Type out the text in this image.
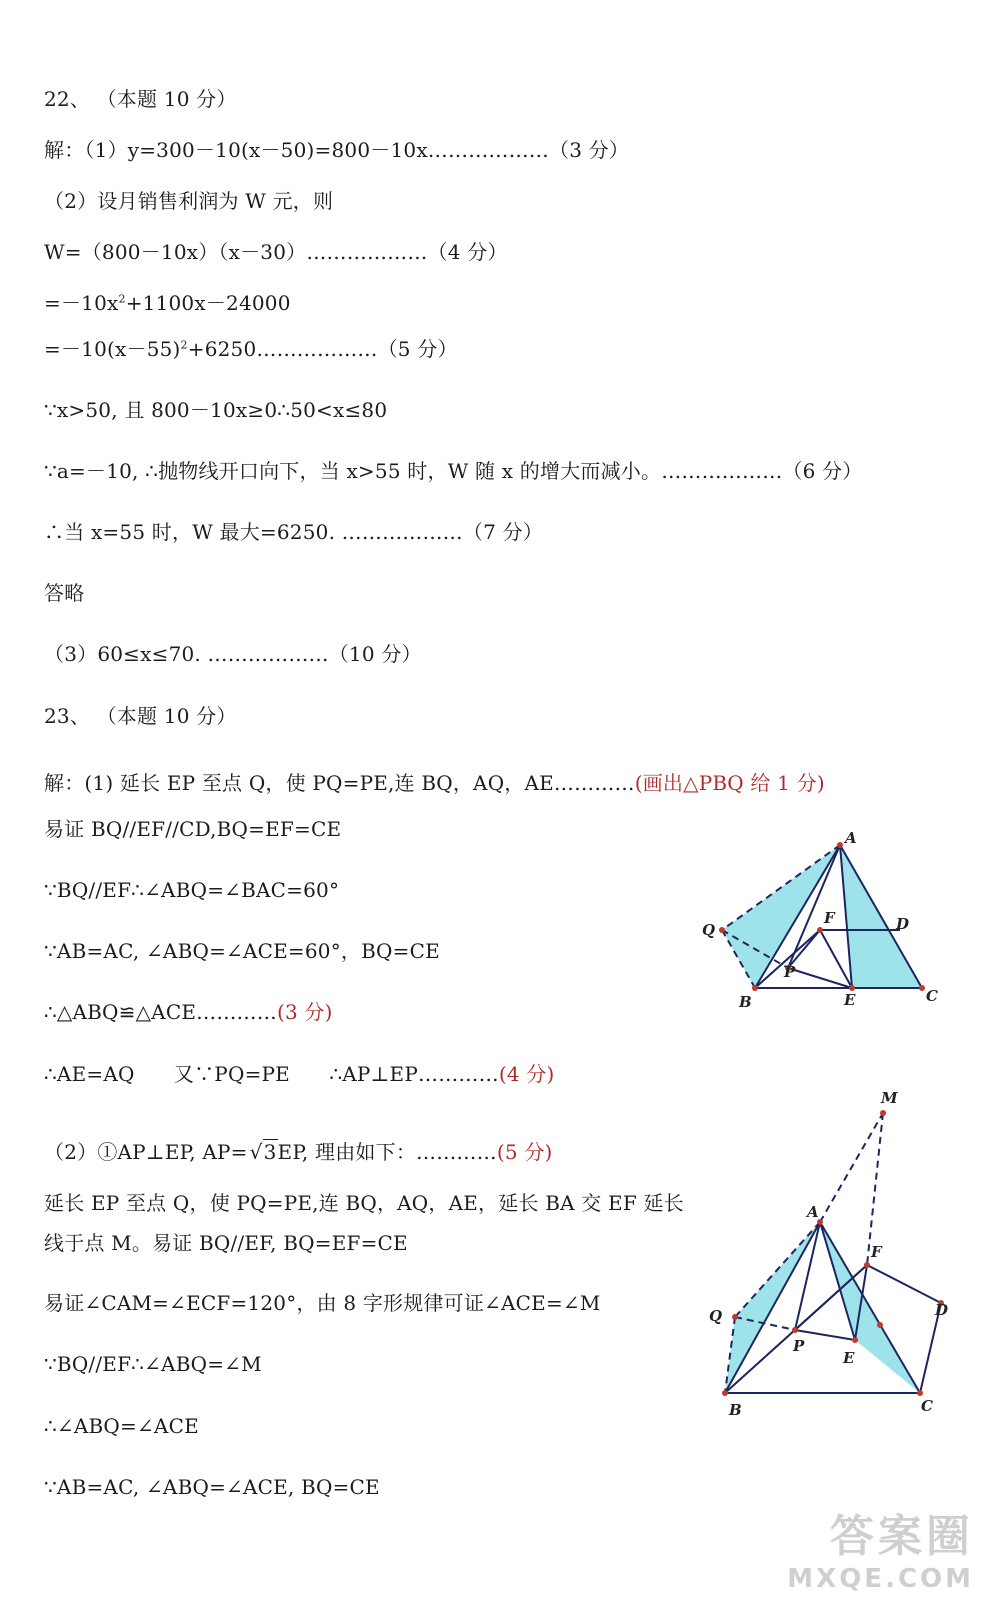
22、 （本题 10 分）
解：（1）y=300－10(x－50)=800－10x………………（3 分）
（2）设月销售利润为 W 元，则
W=（800－10x）（x－30）………………（4 分）
$=-10x^2+1100x-24000$
$=-10(x-55)^2+6250\dots\dots\dots\dots\dots\dots(5$ 分）
∵x>50, 且 800－10x≥0∴50<x≤80
∵a=－10, ∴抛物线开口向下，当 x>55 时，W 随 x 的增大而减小。………………（6 分）
∴当 x=55 时，W 最大=6250. ………………（7 分）
答略
（3）60≤x≤70. ………………（10 分）
23、 （本题 10 分）
解：(1) 延长 EP 至点 Q，使 PQ=PE,连 BQ，AQ，AE…………(画出△PBQ 给 1 分)
易证 BQ//EF//CD,BQ=EF=CE
∵BQ//EF∴∠ABQ=∠BAC=60°
∵AB=AC, ∠ABQ=∠ACE=60°，BQ=CE
∴△ABQ≌△ACE…………(3 分)
∴AE=AQ      又∵PQ=PE      ∴AP⊥EP…………(4 分)
（2）①AP⊥EP, AP= √3EP, 理由如下：…………(5 分)
延长 EP 至点 Q，使 PQ=PE,连 BQ，AQ，AE，延长 BA 交 EF 延长
线于点 M。易证 BQ//EF, BQ=EF=CE
易证∠CAM=∠ECF=120°，由 8 字形规律可证∠ACE=∠M
∵BQ//EF∴∠ABQ=∠M
∴∠ABQ=∠ACE
∵AB=AC, ∠ABQ=∠ACE, BQ=CE
A
B	C
D
E
F
P
Q
M
A
B	C
D
E
F
P
Q
答案圈
MXQE.COM
